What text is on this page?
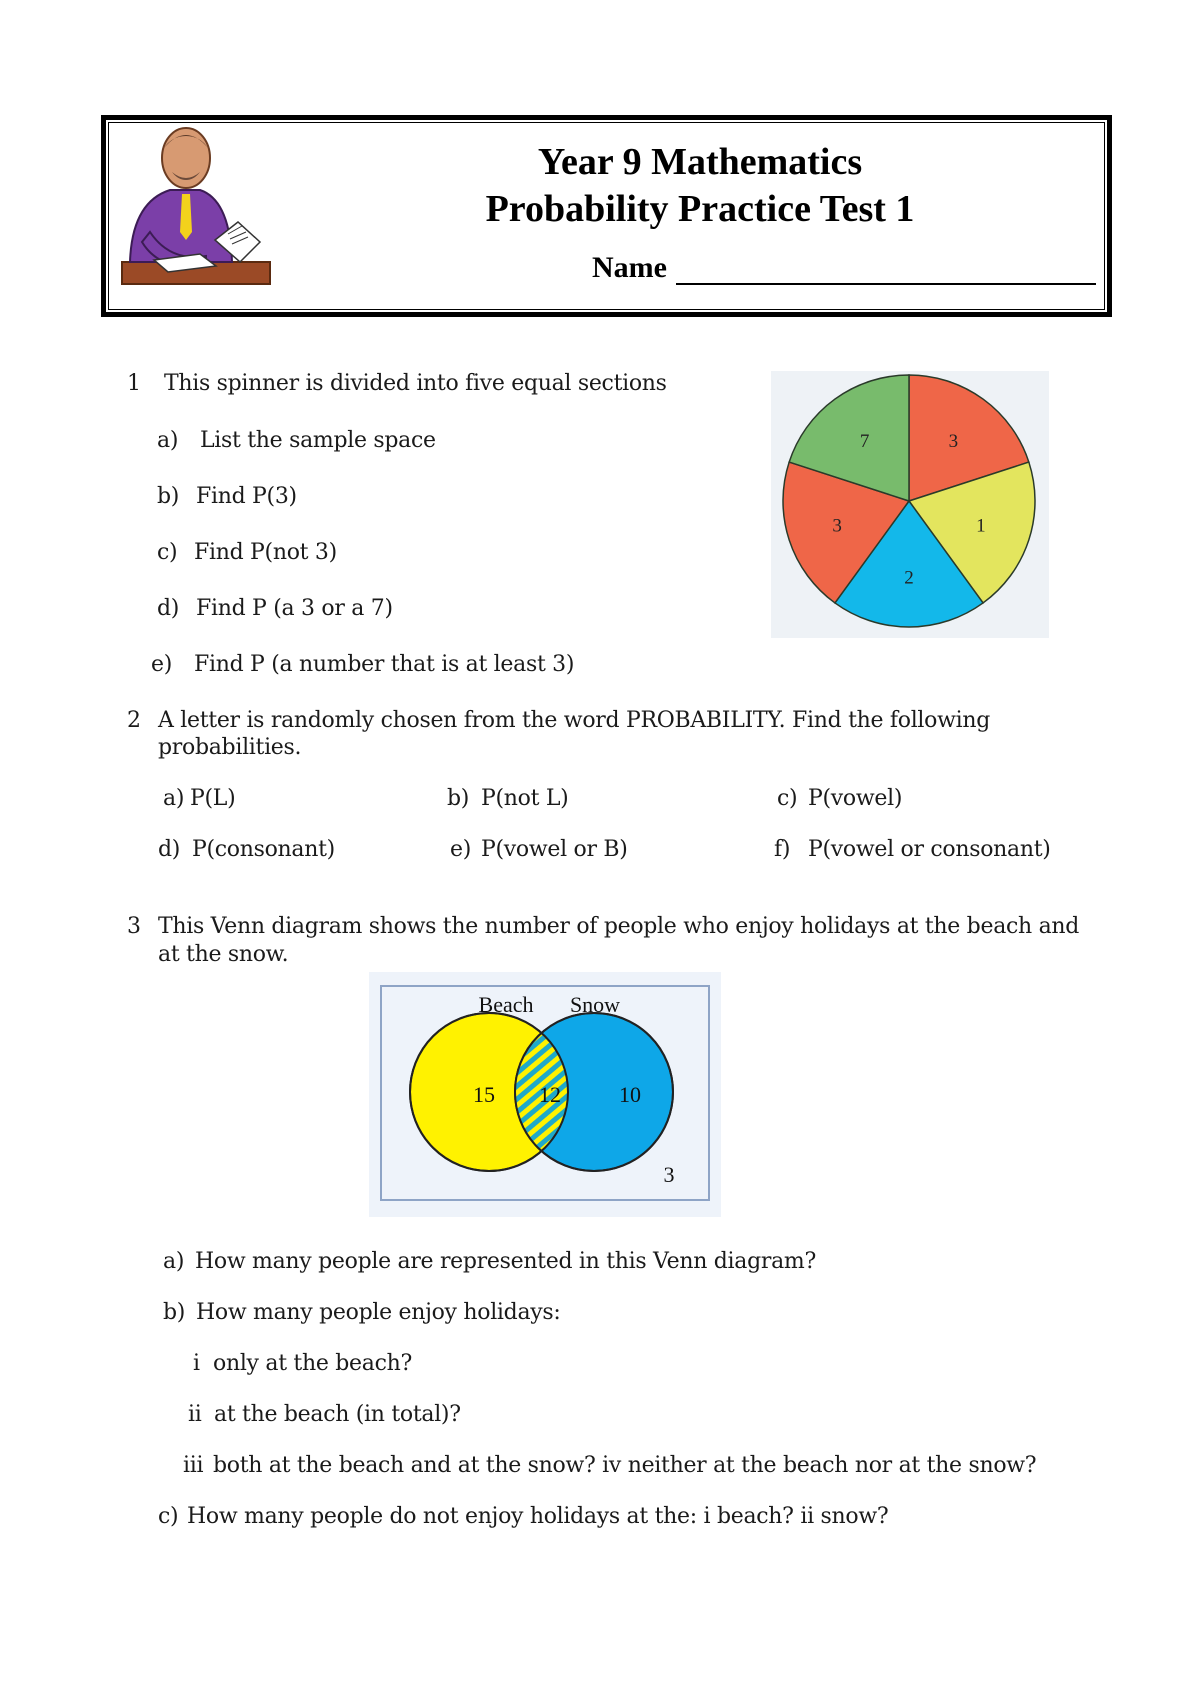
Year 9 Mathematics
Probability Practice Test 1
Name
1 This spinner is divided into five equal sections
a) List the sample space
b) Find P(3)
c) Find P(not 3)
d) Find P (a 3 or a 7)
e) Find P (a number that is at least 3)
3
1
2
3
7
2 A letter is randomly chosen from the word PROBABILITY. Find the following
probabilities.
a) P(L)	b) P(not L)	c) P(vowel)
d) P(consonant)	e) P(vowel or B)	f) P(vowel or consonant)
3 This Venn diagram shows the number of people who enjoy holidays at the beach and
at the snow.
Beach Snow
15 12	10
3
a) How many people are represented in this Venn diagram?
b) How many people enjoy holidays:
i only at the beach?
ii at the beach (in total)?
iii both at the beach and at the snow? iv neither at the beach nor at the snow?
c) How many people do not enjoy holidays at the: i beach? ii snow?
